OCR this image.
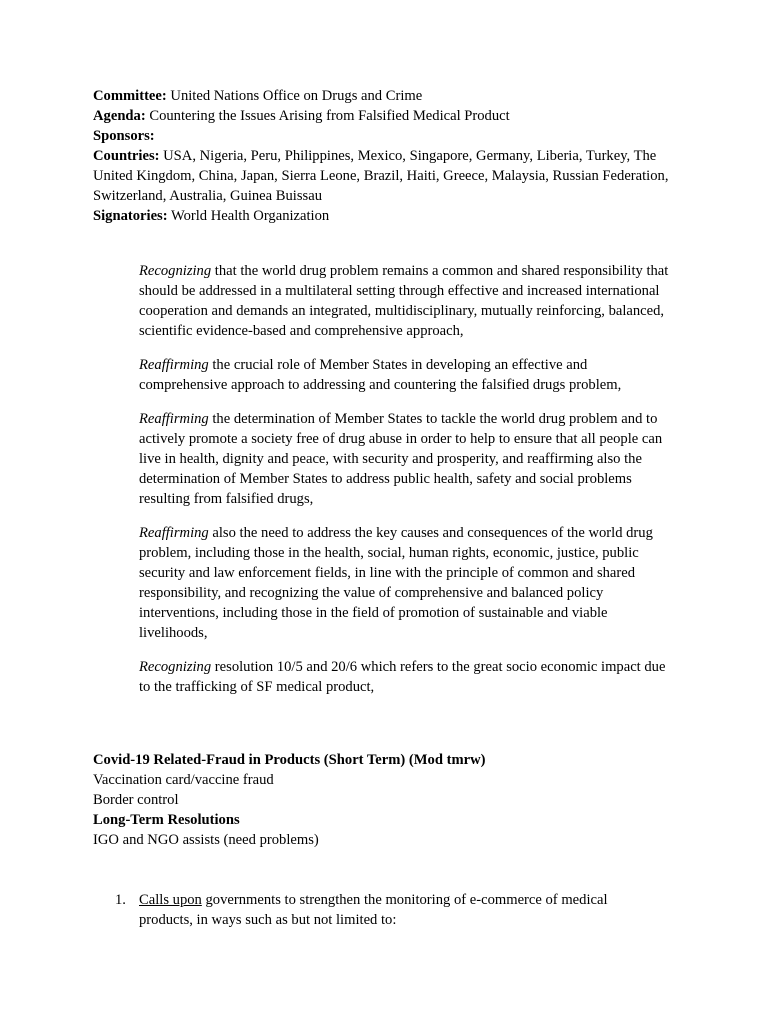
Committee: United Nations Office on Drugs and Crime

Agenda: Countering the Issues Arising from Falsified Medical Product

Sponsors:

Countries: USA, Nigeria, Peru, Philippines, Mexico, Singapore, Germany, Liberia, Turkey, The United Kingdom, China, Japan, Sierra Leone, Brazil, Haiti, Greece, Malaysia, Russian Federation, Switzerland, Australia, Guinea Buissau

Signatories: World Health Organization

Recognizing that the world drug problem remains a common and shared responsibility that should be addressed in a multilateral setting through effective and increased international cooperation and demands an integrated, multidisciplinary, mutually reinforcing, balanced, scientific evidence-based and comprehensive approach,

Reaffirming the crucial role of Member States in developing an effective and comprehensive approach to addressing and countering the falsified drugs problem,

Reaffirming the determination of Member States to tackle the world drug problem and to actively promote a society free of drug abuse in order to help to ensure that all people can live in health, dignity and peace, with security and prosperity, and reaffirming also the determination of Member States to address public health, safety and social problems resulting from falsified drugs,

Reaffirming also the need to address the key causes and consequences of the world drug problem, including those in the health, social, human rights, economic, justice, public security and law enforcement fields, in line with the principle of common and shared responsibility, and recognizing the value of comprehensive and balanced policy interventions, including those in the field of promotion of sustainable and viable livelihoods,

Recognizing resolution 10/5 and 20/6 which refers to the great socio economic impact due to the trafficking of SF medical product,

Covid-19 Related-Fraud in Products (Short Term) (Mod tmrw)

Vaccination card/vaccine fraud

Border control

Long-Term Resolutions

IGO and NGO assists (need problems)

1. Calls upon governments to strengthen the monitoring of e-commerce of medical products, in ways such as but not limited to:
